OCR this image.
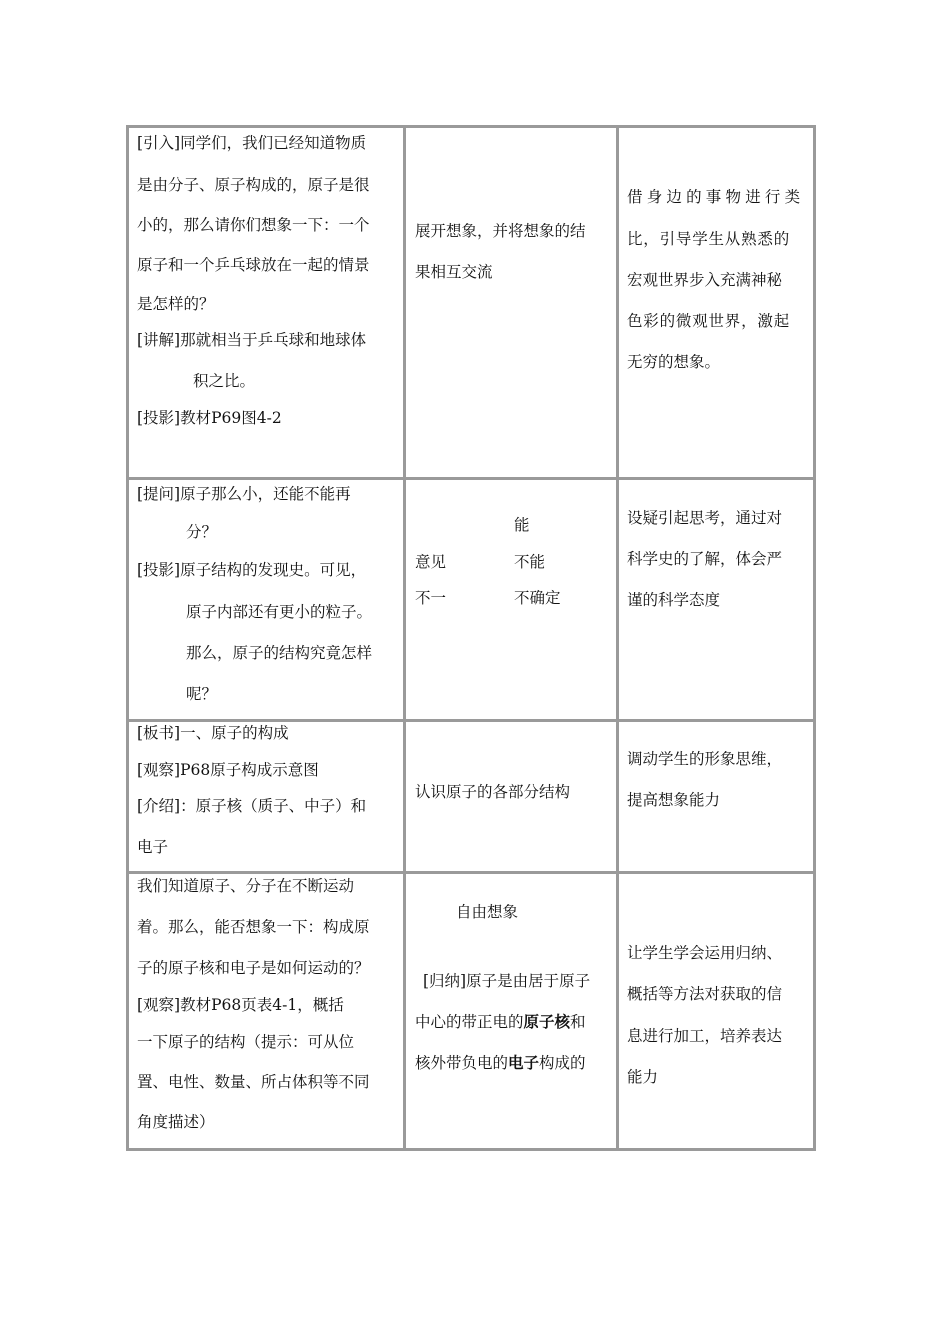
[引入]同学们，我们已经知道物质
是由分子、原子构成的，原子是很
小的，那么请你们想象一下：一个
原子和一个乒乓球放在一起的情景
是怎样的？
[讲解]那就相当于乒乓球和地球体
积之比。
[投影]教材P69图4-2
展开想象，并将想象的结
果相互交流
借身边的事物进行类
比，引导学生从熟悉的
宏观世界步入充满神秘
色彩的微观世界，激起
无穷的想象。
[提问]原子那么小，还能不能再
分？
[投影]原子结构的发现史。可见，
原子内部还有更小的粒子。
那么，原子的结构究竟怎样
呢？
能
意见	不能
不一	不确定
设疑引起思考，通过对
科学史的了解，体会严
谨的科学态度
[板书]一、原子的构成
[观察]P68原子构成示意图
[介绍]：原子核（质子、中子）和
电子
认识原子的各部分结构
调动学生的形象思维，
提高想象能力
我们知道原子、分子在不断运动
着。那么，能否想象一下：构成原
子的原子核和电子是如何运动的？
[观察]教材P68页表4-1，概括
一下原子的结构（提示：可从位
置、电性、数量、所占体积等不同
角度描述）
自由想象
[归纳]原子是由居于原子
中心的带正电的原子核和
核外带负电的电子构成的
让学生学会运用归纳、
概括等方法对获取的信
息进行加工，培养表达
能力
